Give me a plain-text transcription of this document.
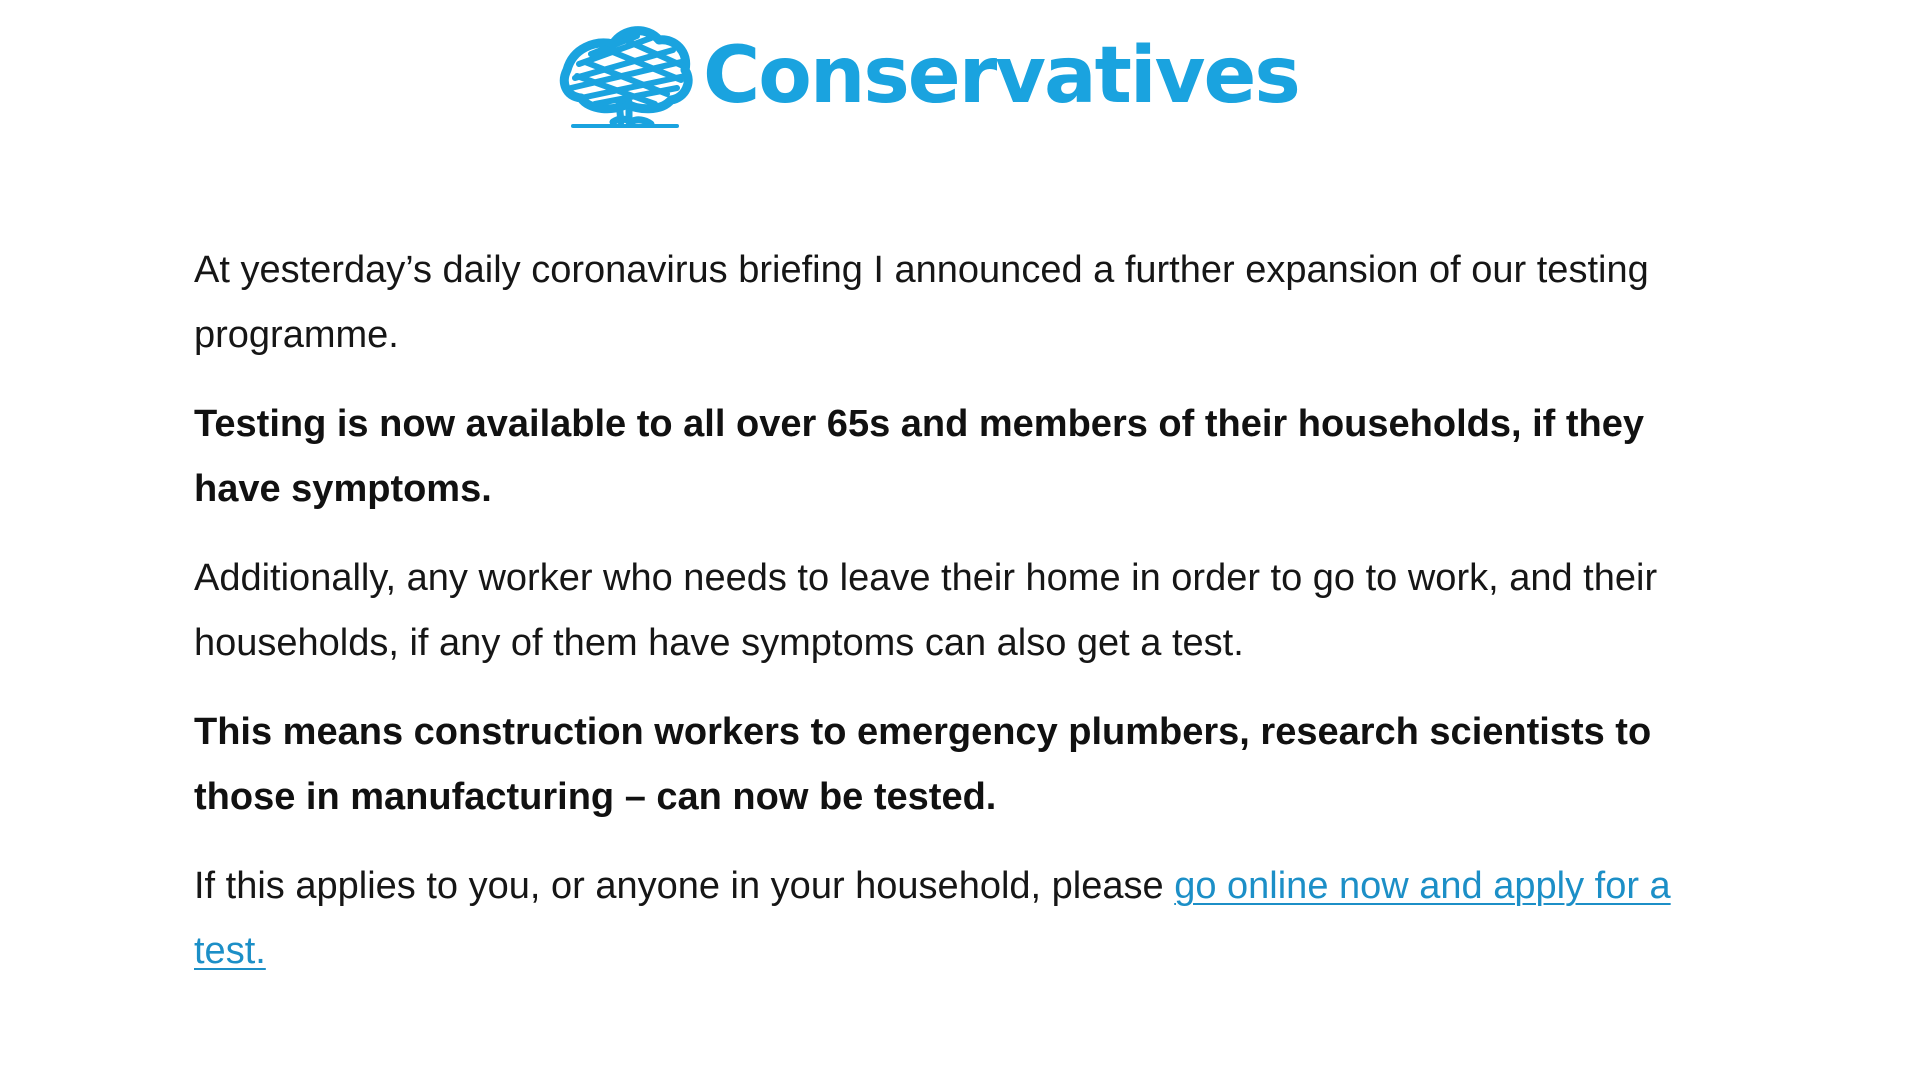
Conservatives

At yesterday’s daily coronavirus briefing I announced a further expansion of our testing programme.

Testing is now available to all over 65s and members of their households, if they have symptoms.

Additionally, any worker who needs to leave their home in order to go to work, and their households, if any of them have symptoms can also get a test.

This means construction workers to emergency plumbers, research scientists to those in manufacturing – can now be tested.

If this applies to you, or anyone in your household, please go online now and apply for a test.
